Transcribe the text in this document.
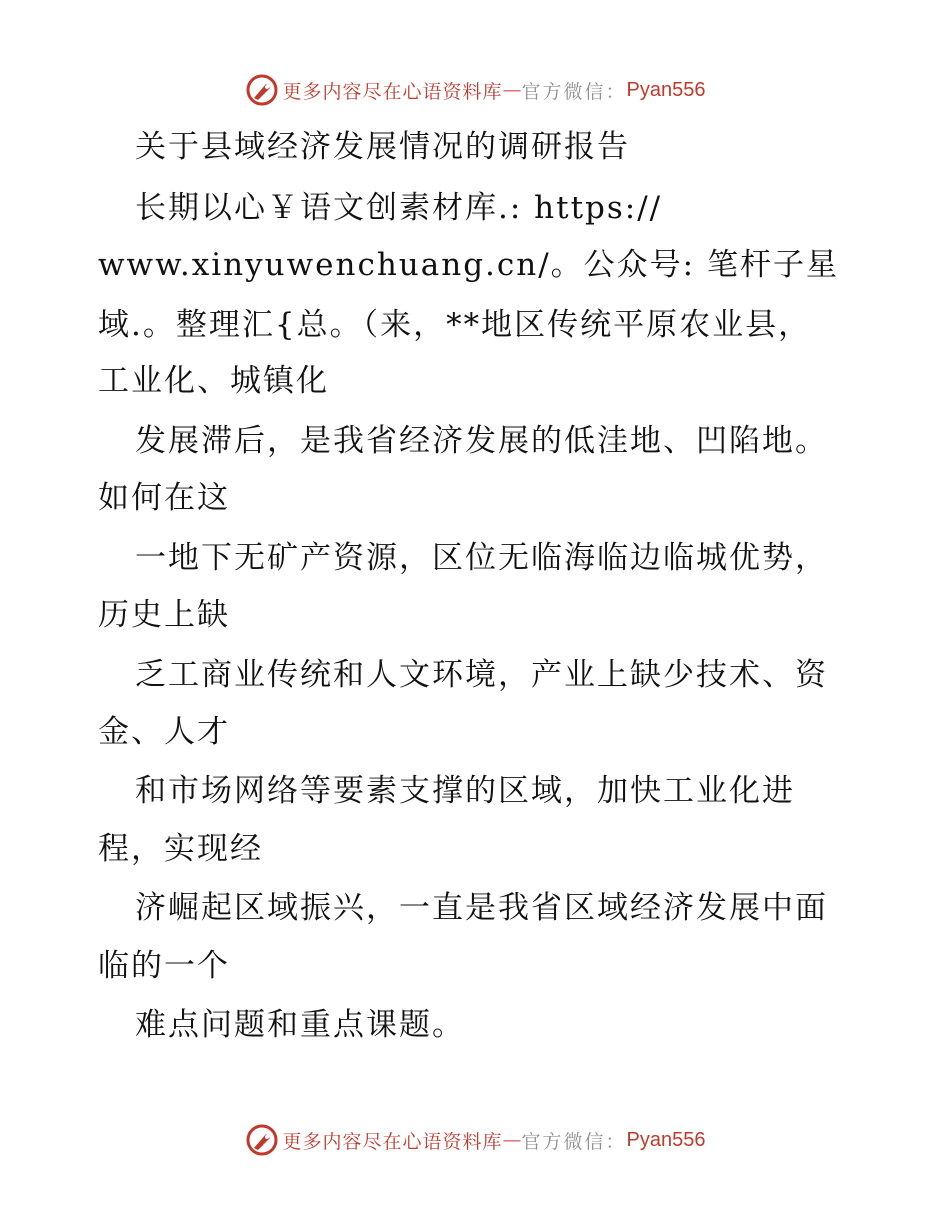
更多内容尽在心语资料库 — 官方微信： Pyan556
关于县域经济发展情况的调研报告
长期以心￥语文创素材库.: https://
www.xinyuwenchuang.cn/。公众号: 笔杆子星
域.。整理汇{总。（来，**地区传统平原农业县，
工业化、城镇化
发展滞后，是我省经济发展的低洼地、凹陷地。
如何在这
一地下无矿产资源，区位无临海临边临城优势，
历史上缺
乏工商业传统和人文环境，产业上缺少技术、资
金、人才
和市场网络等要素支撑的区域，加快工业化进
程，实现经
济崛起区域振兴，一直是我省区域经济发展中面
临的一个
难点问题和重点课题。
更多内容尽在心语资料库 — 官方微信： Pyan556
